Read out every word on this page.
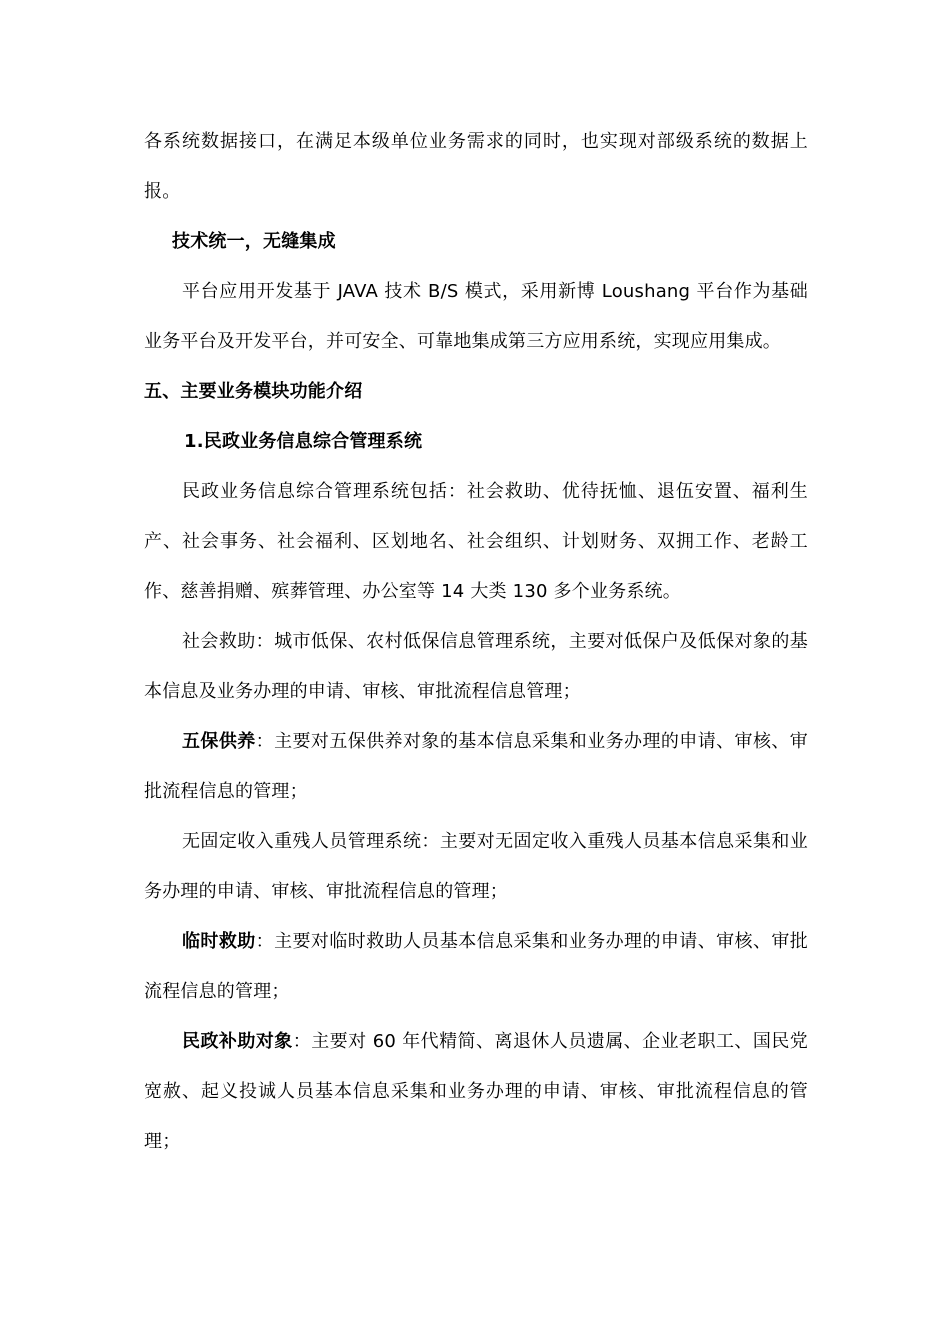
各系统数据接口，在满足本级单位业务需求的同时，也实现对部级系统的数据上报。

技术统一，无缝集成

平台应用开发基于 JAVA 技术 B/S 模式，采用新博 Loushang 平台作为基础业务平台及开发平台，并可安全、可靠地集成第三方应用系统，实现应用集成。

五、主要业务模块功能介绍

1.民政业务信息综合管理系统

民政业务信息综合管理系统包括：社会救助、优待抚恤、退伍安置、福利生产、社会事务、社会福利、区划地名、社会组织、计划财务、双拥工作、老龄工作、慈善捐赠、殡葬管理、办公室等 14 大类 130 多个业务系统。

社会救助：城市低保、农村低保信息管理系统，主要对低保户及低保对象的基本信息及业务办理的申请、审核、审批流程信息管理；

五保供养：主要对五保供养对象的基本信息采集和业务办理的申请、审核、审批流程信息的管理；

无固定收入重残人员管理系统：主要对无固定收入重残人员基本信息采集和业务办理的申请、审核、审批流程信息的管理；

临时救助：主要对临时救助人员基本信息采集和业务办理的申请、审核、审批流程信息的管理；

民政补助对象：主要对 60 年代精简、离退休人员遗属、企业老职工、国民党宽赦、起义投诚人员基本信息采集和业务办理的申请、审核、审批流程信息的管理；
